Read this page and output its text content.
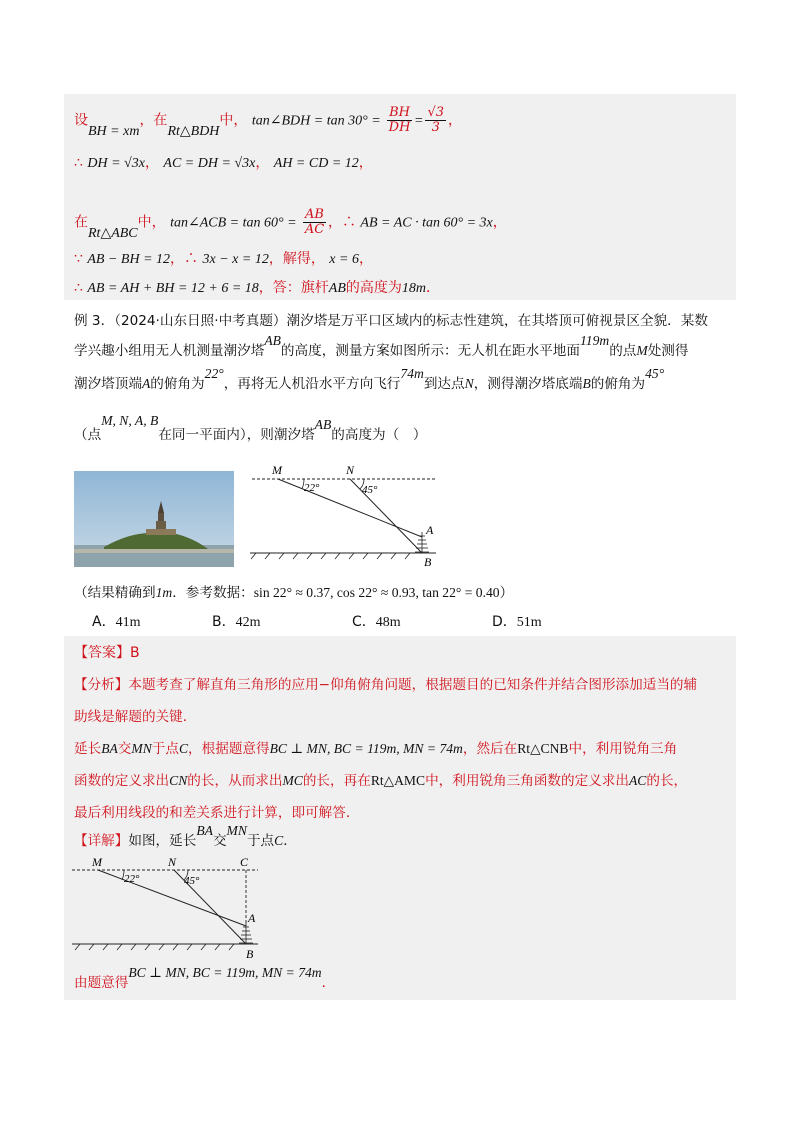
设BH = xm，在Rt△BDH中， tan∠BDH = $\tan 30^\circ = \frac{BH}{DH} = \frac{√3}{3}$ ，
∴ DH = √3x， AC = DH = √3x， AH = CD = 12，
在Rt△ABC中， tan∠ACB = $\tan 60^\circ = \frac{AB}{AC}$ ，∴ AB = AC · tan 60° = 3x，
∵ AB − BH = 12，∴ 3x − x = 12，解得， x = 6，
∴ AB = AH + BH = 12 + 6 = 18，答：旗杆AB的高度为18m．
例 3．（2024·山东日照·中考真题）潮汐塔是万平口区域内的标志性建筑，在其塔顶可俯视景区全貌．某数
学兴趣小组用无人机测量潮汐塔AB的高度，测量方案如图所示：无人机在距水平地面119m的点M处测得
潮汐塔顶端A的俯角为22°，再将无人机沿水平方向飞行74m到达点N，测得潮汐塔底端B的俯角为45°
（点M, N, A, B在同一平面内），则潮汐塔AB的高度为（　）
M	N
A
B
22°	45°
（结果精确到1m．参考数据：sin 22° ≈ 0.37, cos 22° ≈ 0.93, tan 22° = 0.40）
A．41m	B．42m	C．48m	D．51m
【答案】B
【分析】本题考查了解直角三角形的应用−仰角俯角问题，根据题目的已知条件并结合图形添加适当的辅
助线是解题的关键．
延长BA交MN于点C，根据题意得BC ⊥ MN, BC = 119m, MN = 74m，然后在Rt△CNB中，利用锐角三角
函数的定义求出CN的长，从而求出MC的长，再在Rt△AMC中，利用锐角三角函数的定义求出AC的长，
最后利用线段的和差关系进行计算，即可解答．
【详解】如图，延长BA交MN于点C．
M	N	C
A
B
22°	45°
由题意得BC ⊥ MN, BC = 119m, MN = 74m．
